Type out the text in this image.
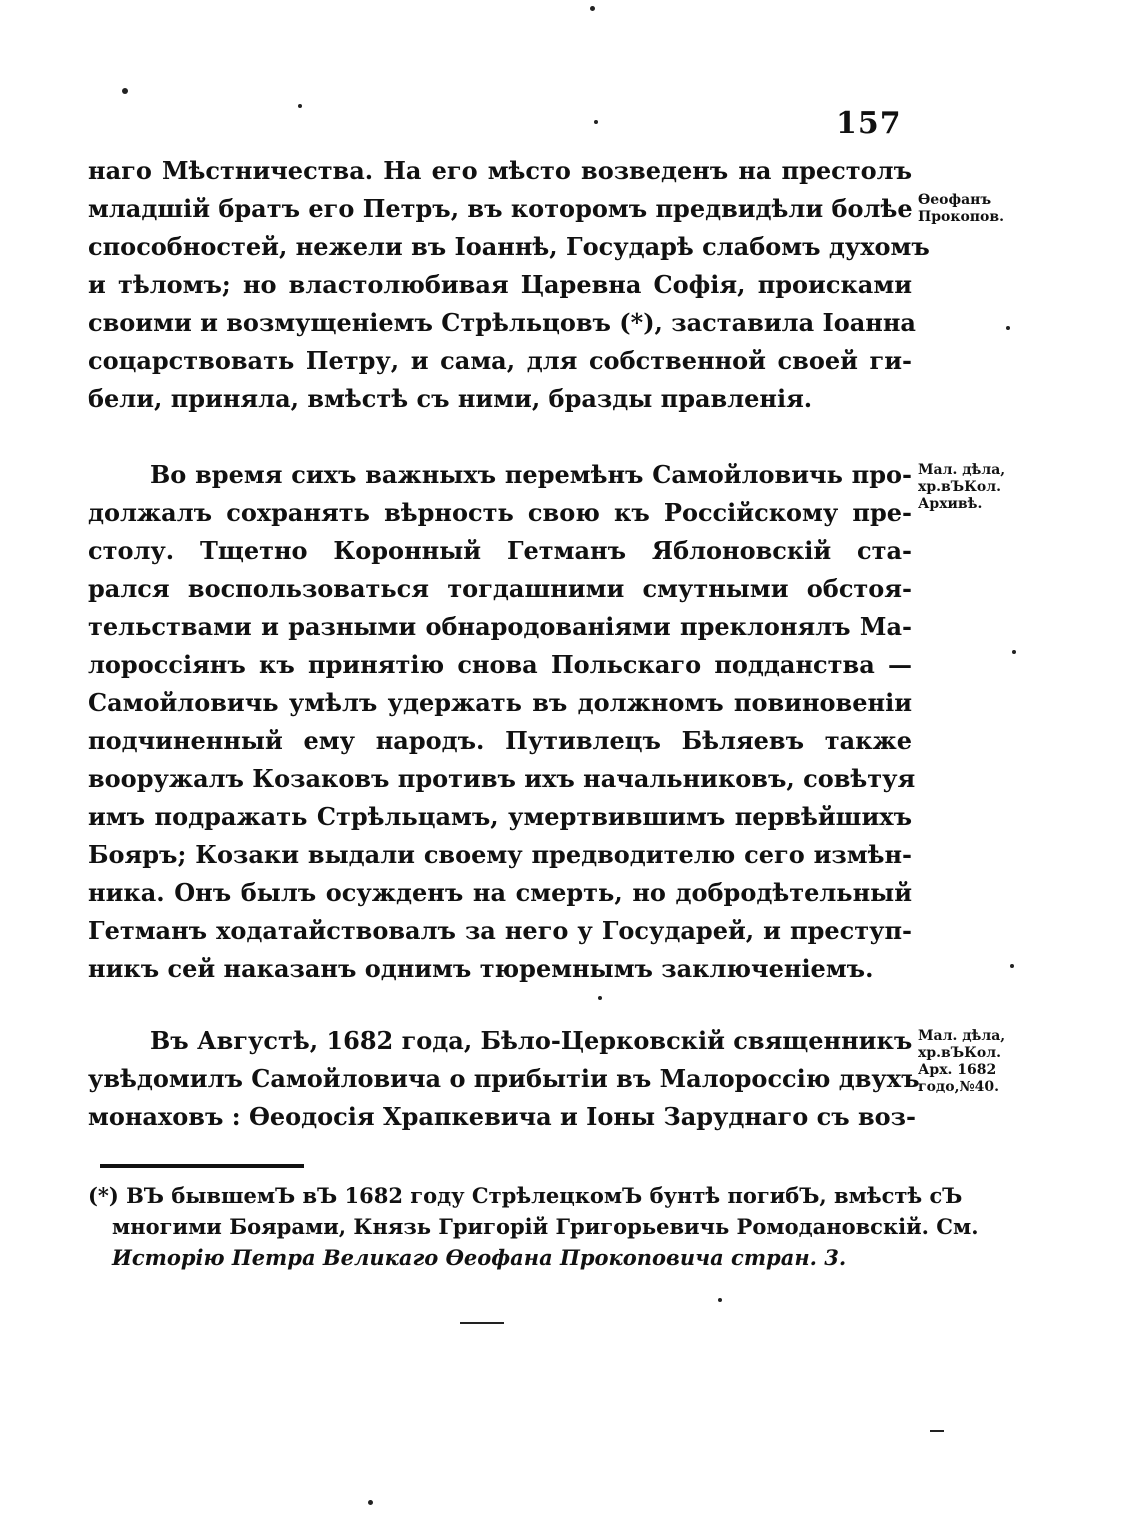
157
наго Мѣстничества. На его мѣсто возведенъ на престолъ
младшій братъ его Петръ, въ которомъ предвидѣли болѣе
способностей, нежели въ Іоаннѣ, Государѣ слабомъ духомъ
и тѣломъ; но властолюбивая Царевна Софія, происками
своими и возмущеніемъ Стрѣльцовъ (*), заставила Іоанна
соцарствовать Петру, и сама, для собственной своей ги-
бели, приняла, вмѣстѣ съ ними, бразды правленія.
Во время сихъ важныхъ перемѣнъ Самойловичь про-
должалъ сохранять вѣрность свою къ Россійскому пре-
столу. Тщетно Коронный Гетманъ Яблоновскій ста-
рался воспользоваться тогдашними смутными обстоя-
тельствами и разными обнародованіями преклонялъ Ма-
лороссіянъ къ принятію снова Польскаго подданства —
Самойловичь умѣлъ удержать въ должномъ повиновеніи
подчиненный ему народъ. Путивлецъ Бѣляевъ также
вооружалъ Козаковъ противъ ихъ начальниковъ, совѣтуя
имъ подражать Стрѣльцамъ, умертвившимъ первѣйшихъ
Бояръ; Козаки выдали своему предводителю сего измѣн-
ника. Онъ былъ осужденъ на смерть, но добродѣтельный
Гетманъ ходатайствовалъ за него у Государей, и преступ-
никъ сей наказанъ однимъ тюремнымъ заключеніемъ.
Въ Августѣ, 1682 года, Бѣло-Церковскій священникъ
увѣдомилъ Самойловича о прибытіи въ Малороссію двухъ
монаховъ : Ѳеодосія Храпкевича и Іоны Заруднаго съ воз-
Ѳеофанъ
Прокопов.
Мал. дѣла,
хр.вЪКол.
Архивѣ.
Мал. дѣла,
хр.вЪКол.
Арх. 1682
годо,№40.
(*) ВЪ бывшемЪ вЪ 1682 году СтрѣлецкомЪ бунтѣ погибЪ, вмѣстѣ сЪ
многими Боярами, Князь Григорій Григорьевичь Ромодановскій. См.
Исторію Петра Великаго Ѳеофана Прокоповича стран. 3.
